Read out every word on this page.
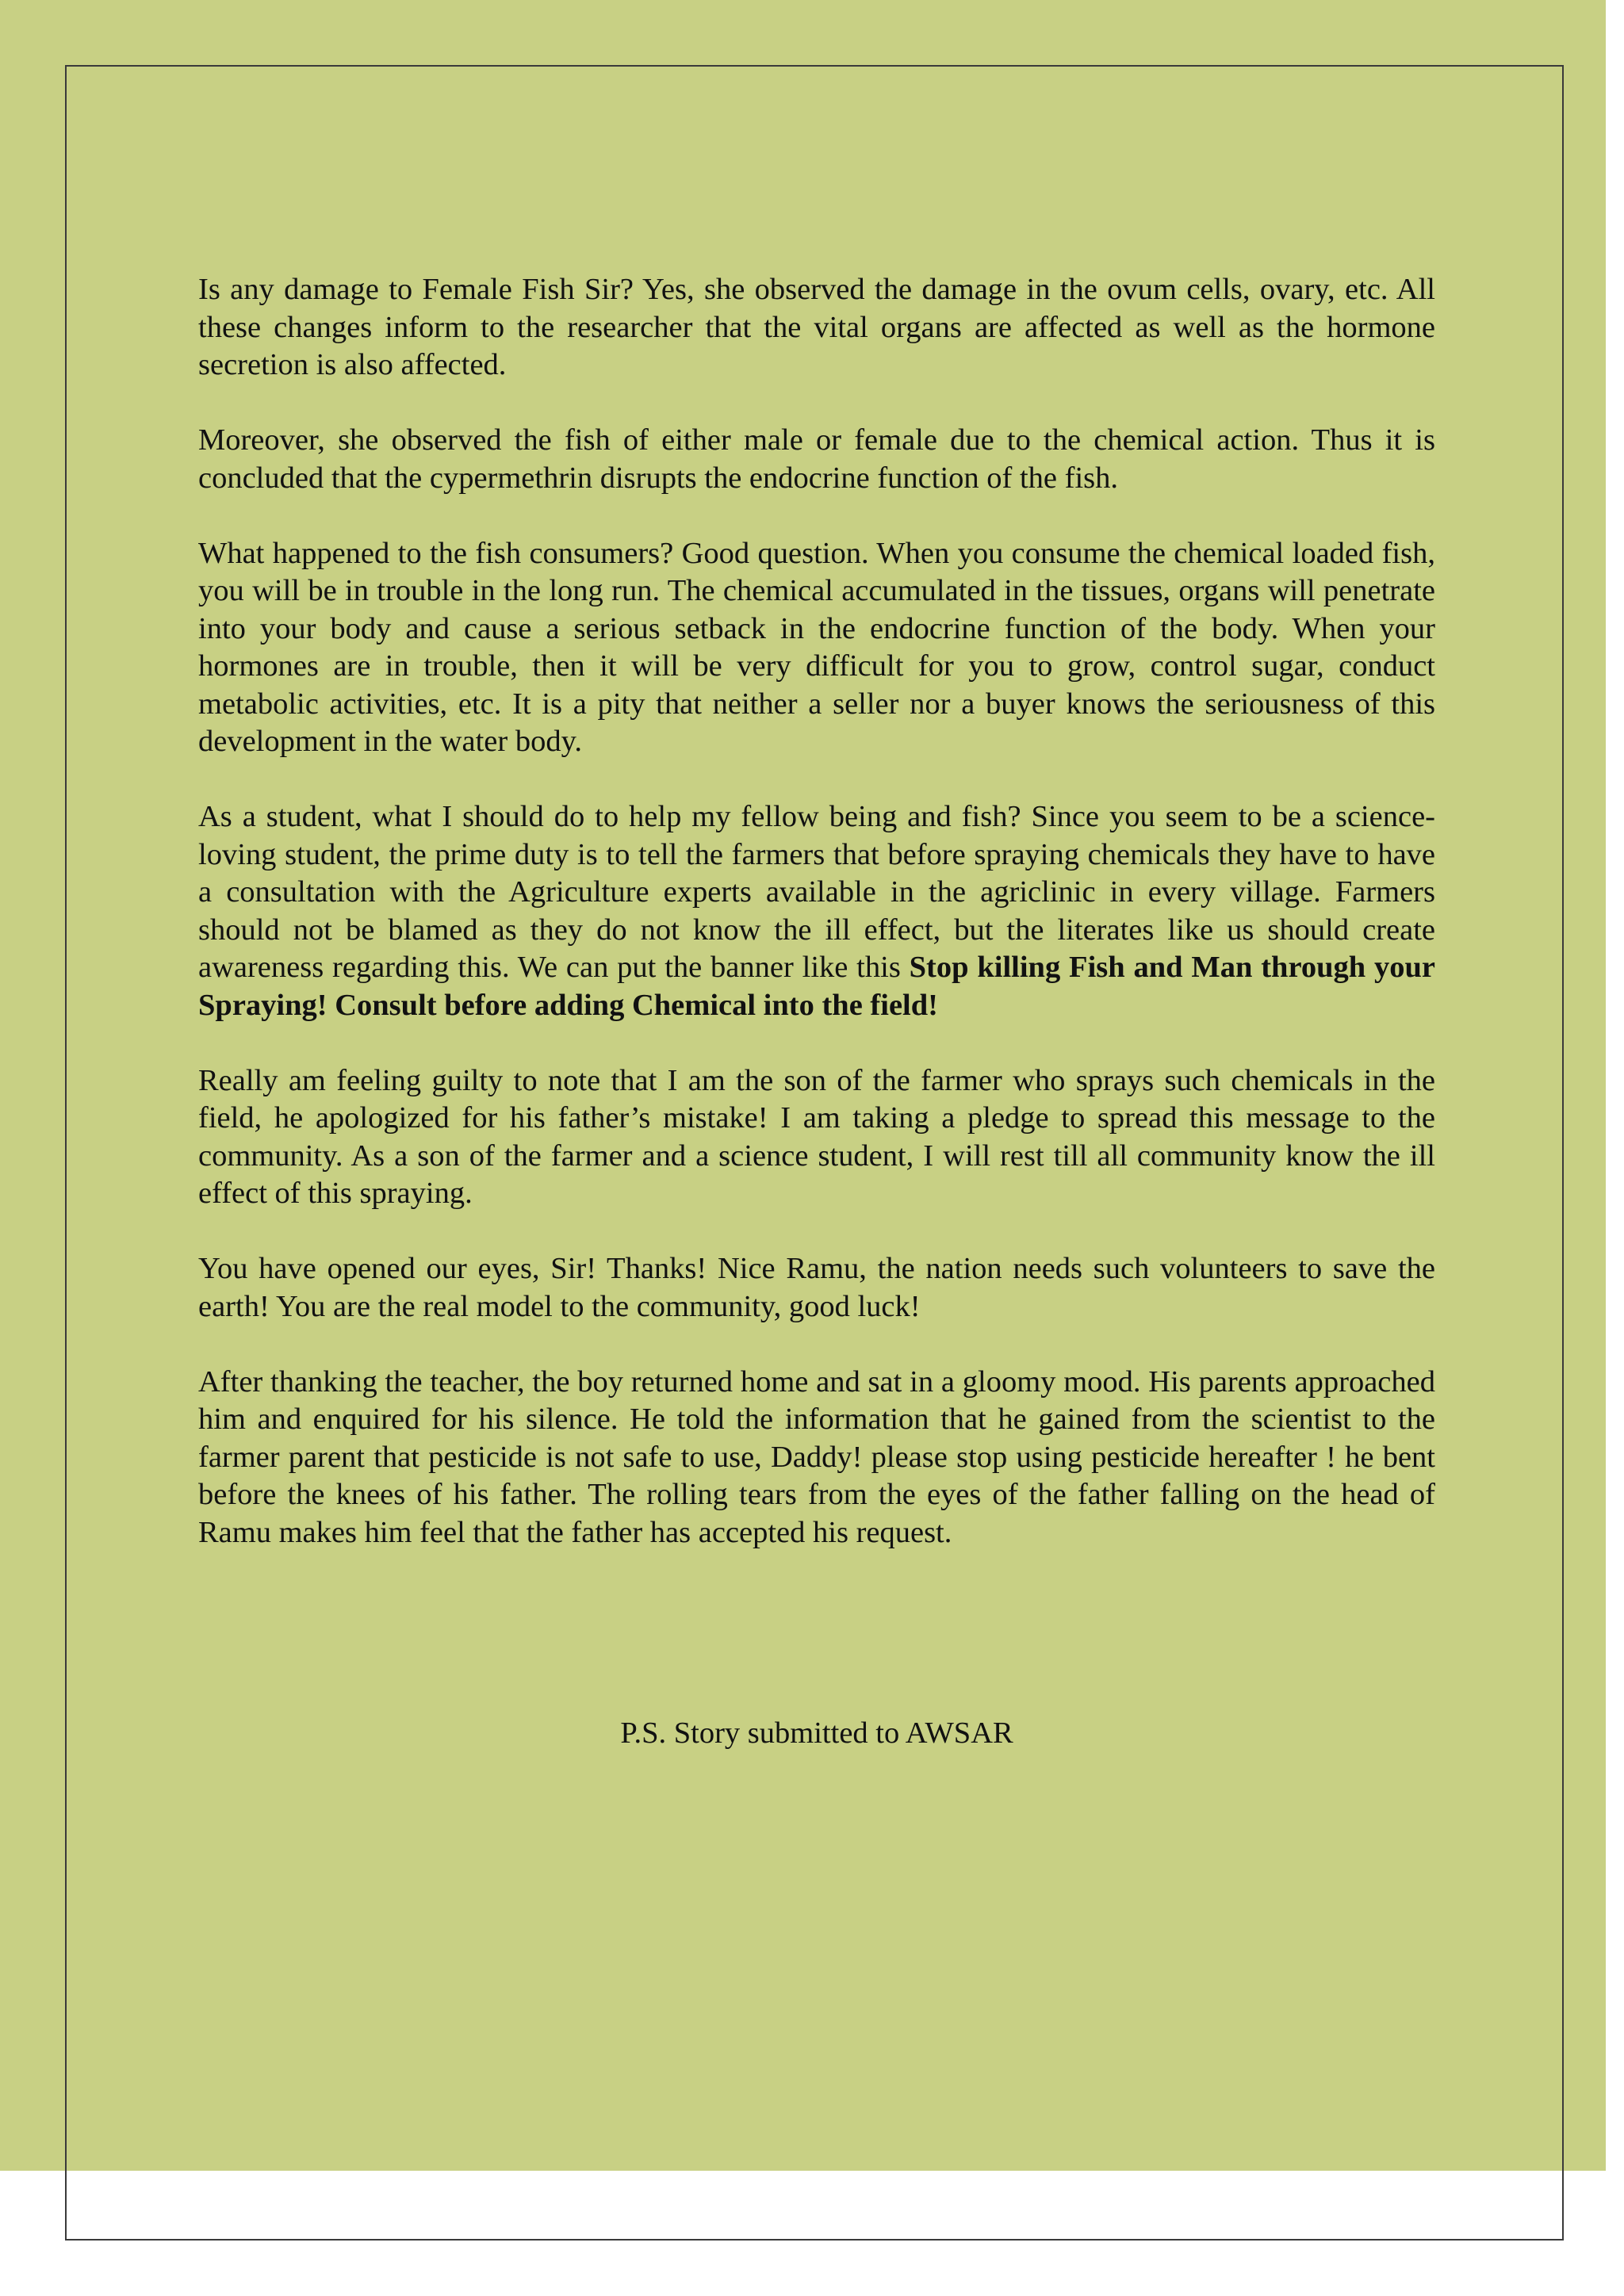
Is any damage to Female Fish Sir? Yes, she observed the damage in the ovum cells, ovary, etc. All these changes inform to the researcher that the vital organs are affected as well as the hormone secretion is also affected.

Moreover, she observed the fish of either male or female due to the chemical action. Thus it is concluded that the cypermethrin disrupts the endocrine function of the fish.

What happened to the fish consumers? Good question. When you consume the chemical loaded fish, you will be in trouble in the long run. The chemical accumulated in the tissues, organs will penetrate into your body and cause a serious setback in the endocrine function of the body. When your hormones are in trouble, then it will be very difficult for you to grow, control sugar, conduct metabolic activities, etc. It is a pity that neither a seller nor a buyer knows the seriousness of this development in the water body.

As a student, what I should do to help my fellow being and fish? Since you seem to be a science-loving student, the prime duty is to tell the farmers that before spraying chemicals they have to have a consultation with the Agriculture experts available in the agriclinic in every village. Farmers should not be blamed as they do not know the ill effect, but the literates like us should create awareness regarding this. We can put the banner like this Stop killing Fish and Man through your Spraying! Consult before adding Chemical into the field!

Really am feeling guilty to note that I am the son of the farmer who sprays such chemicals in the field, he apologized for his father’s mistake! I am taking a pledge to spread this message to the community. As a son of the farmer and a science student, I will rest till all community know the ill effect of this spraying.

You have opened our eyes, Sir! Thanks! Nice Ramu, the nation needs such volunteers to save the earth! You are the real model to the community, good luck!

After thanking the teacher, the boy returned home and sat in a gloomy mood. His parents approached him and enquired for his silence. He told the information that he gained from the scientist to the farmer parent that pesticide is not safe to use, Daddy! please stop using pesticide hereafter ! he bent before the knees of his father. The rolling tears from the eyes of the father falling on the head of Ramu makes him feel that the father has accepted his request.

P.S. Story submitted to AWSAR
